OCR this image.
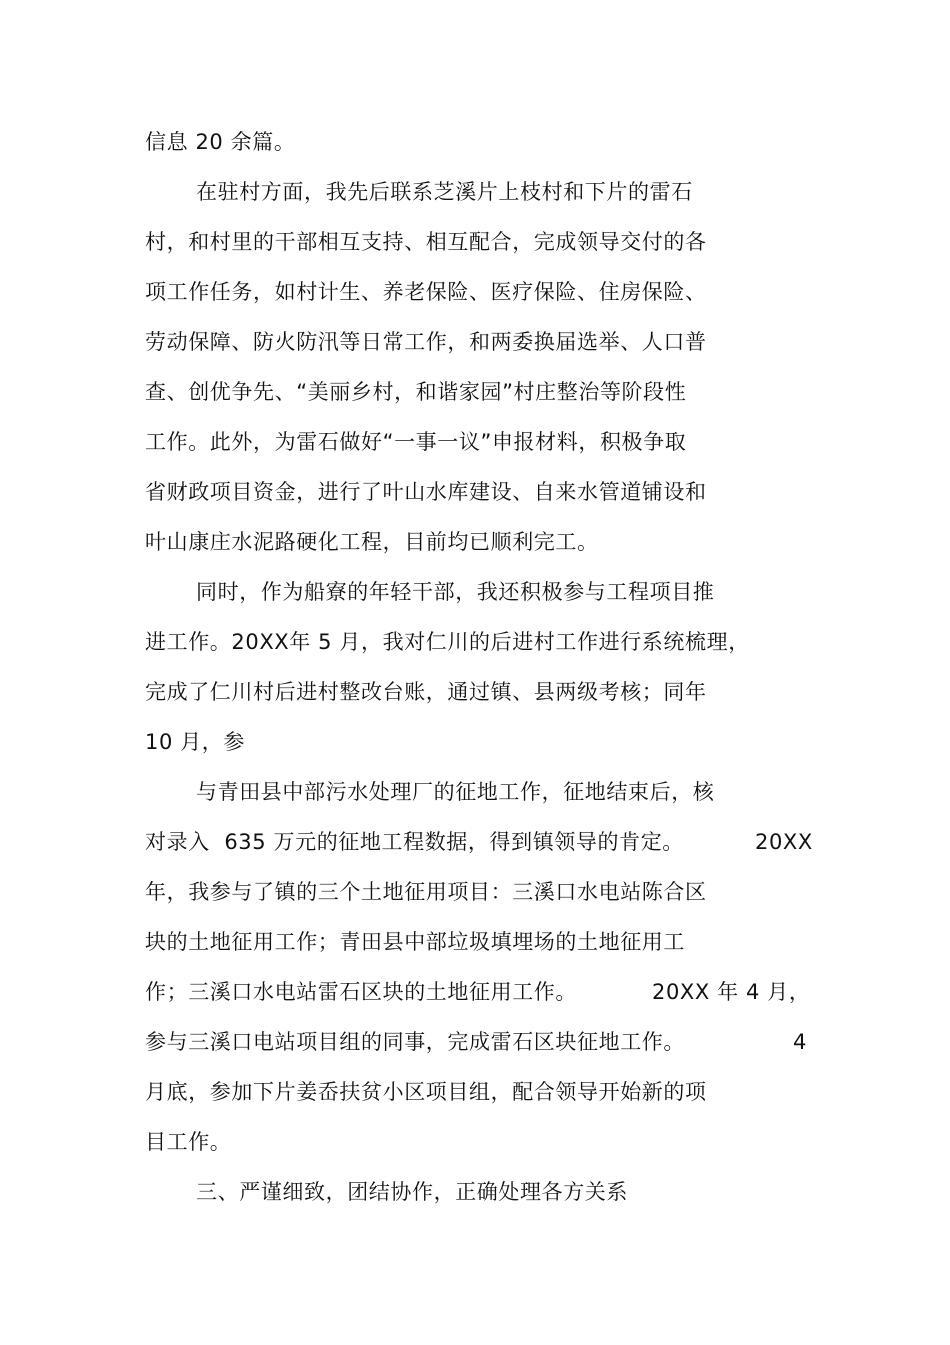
信息 20 余篇。
在驻村方面，我先后联系芝溪片上枝村和下片的雷石
村，和村里的干部相互支持、相互配合，完成领导交付的各
项工作任务，如村计生、养老保险、医疗保险、住房保险、
劳动保障、防火防汛等日常工作，和两委换届选举、人口普
查、创优争先、“美丽乡村，和谐家园”村庄整治等阶段性
工作。此外，为雷石做好“一事一议”申报材料，积极争取
省财政项目资金，进行了叶山水库建设、自来水管道铺设和
叶山康庄水泥路硬化工程，目前均已顺利完工。
同时，作为船寮的年轻干部，我还积极参与工程项目推
进工作。20XX年 5 月，我对仁川的后进村工作进行系统梳理，
完成了仁川村后进村整改台账，通过镇、县两级考核；同年
10 月，参
与青田县中部污水处理厂的征地工作，征地结束后，核
对录入  635 万元的征地工程数据，得到镇领导的肯定。	20XX
年，我参与了镇的三个土地征用项目：三溪口水电站陈合区
块的土地征用工作；青田县中部垃圾填埋场的土地征用工
作；三溪口水电站雷石区块的土地征用工作。	20XX 年 4 月，
参与三溪口电站项目组的同事，完成雷石区块征地工作。	4
月底，参加下片姜岙扶贫小区项目组，配合领导开始新的项
目工作。
三、严谨细致，团结协作，正确处理各方关系
